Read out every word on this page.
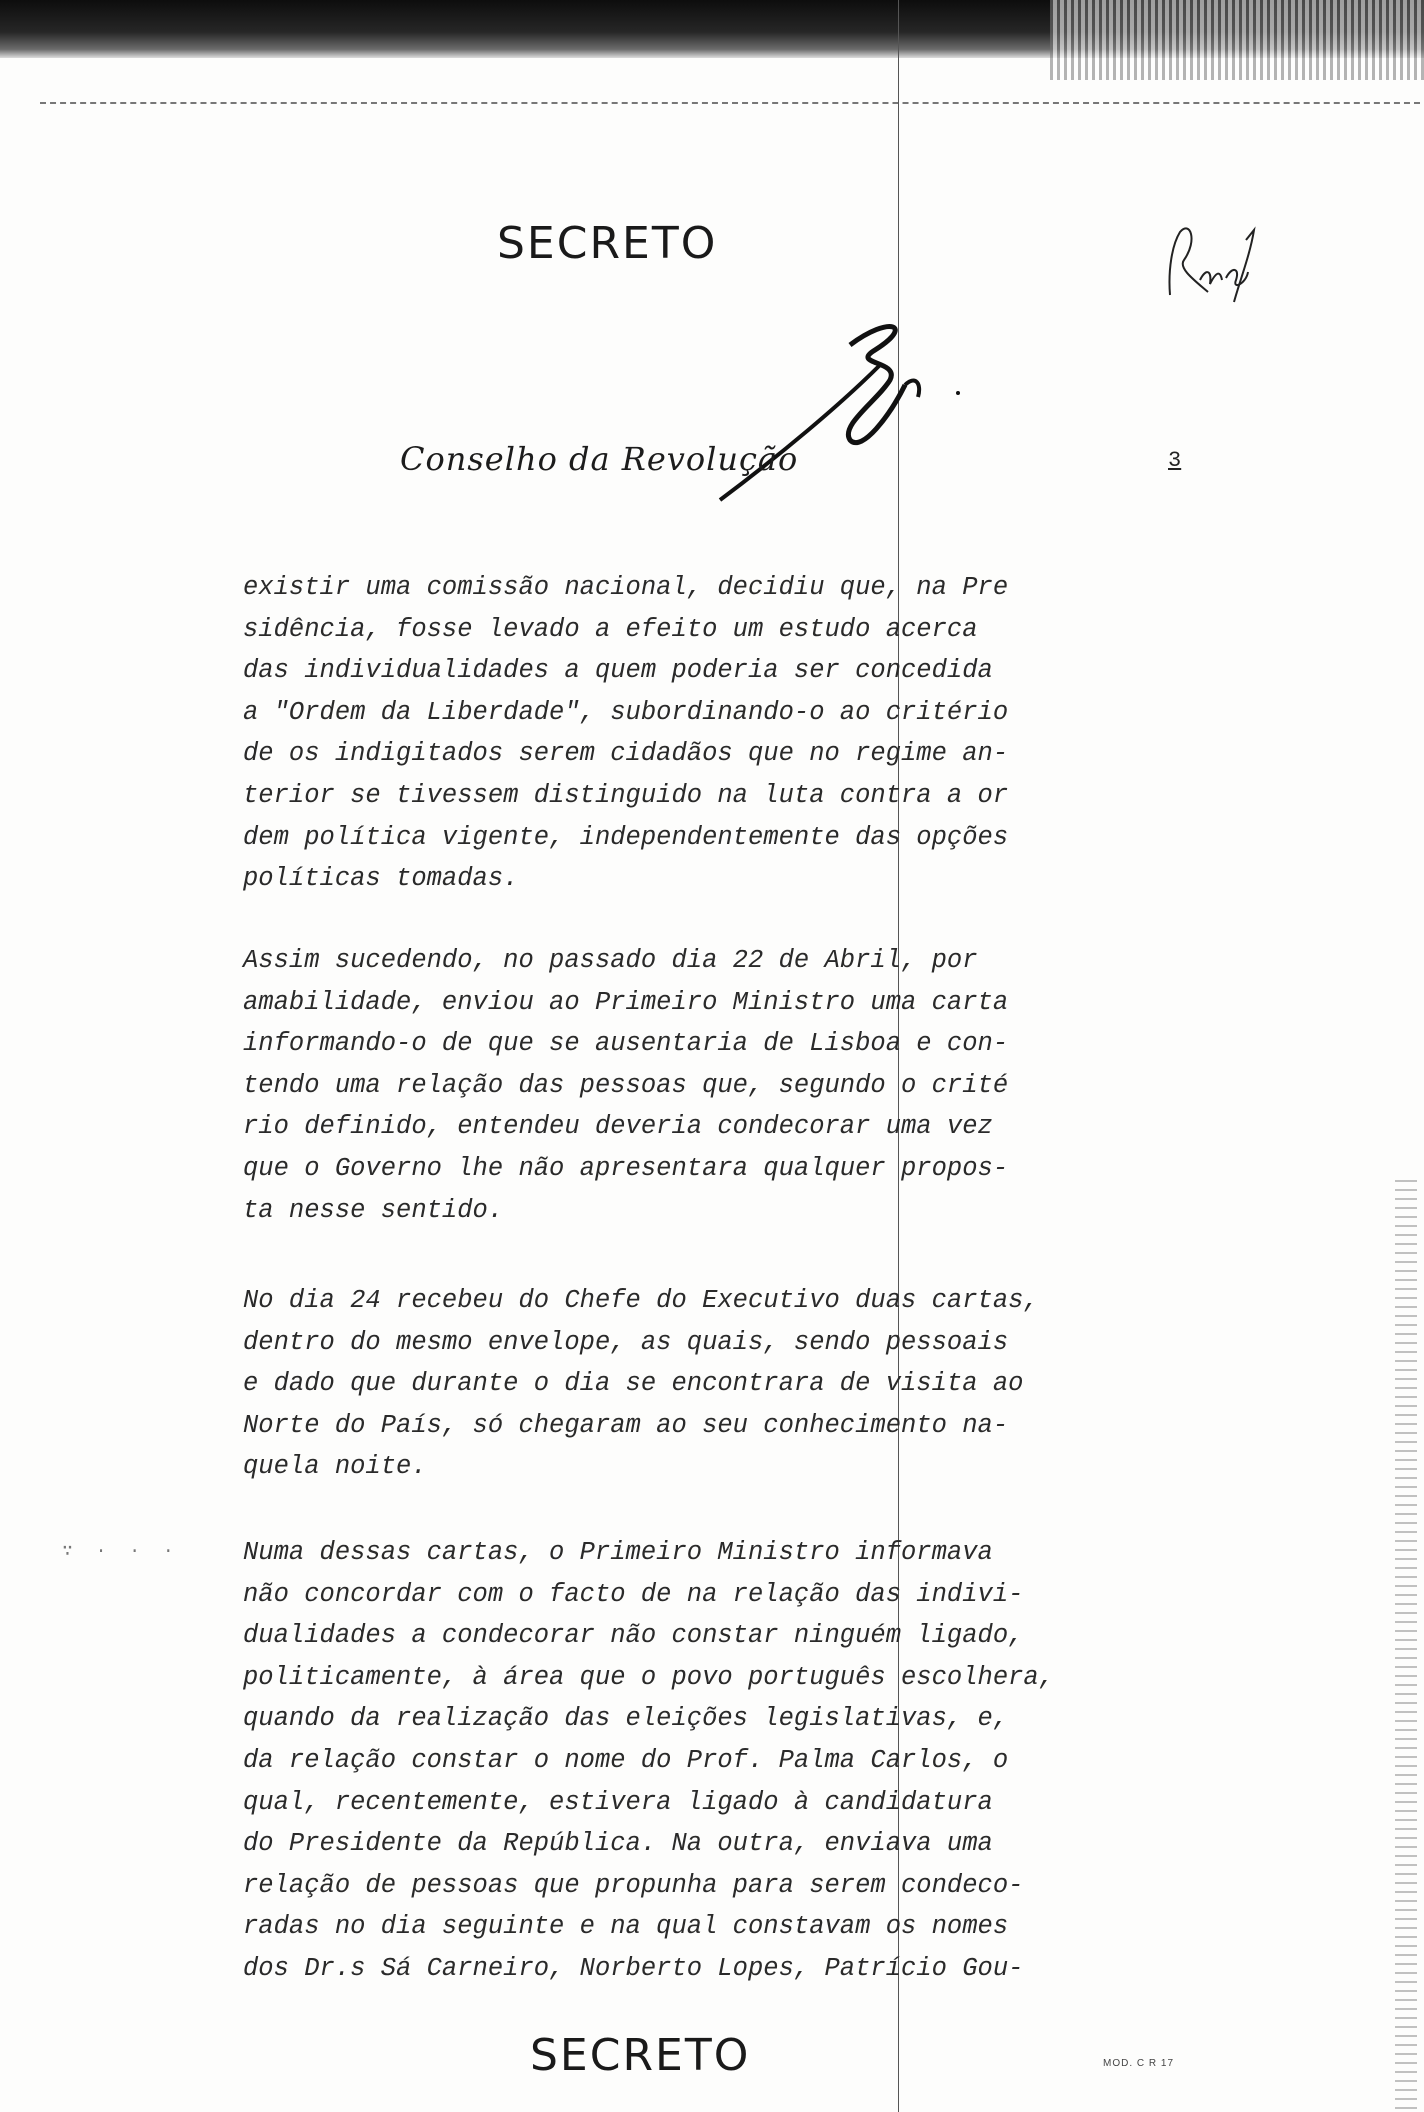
SECRETO
Reis
Ex.
Conselho da Revolução	3

existir uma comissão nacional, decidiu que, na Pre
sidência, fosse levado a efeito um estudo acerca
das individualidades a quem poderia ser concedida
a "Ordem da Liberdade", subordinando-o ao critério
de os indigitados serem cidadãos que no regime an-
terior se tivessem distinguido na luta contra a or
dem política vigente, independentemente das opções
políticas tomadas.

Assim sucedendo, no passado dia 22 de Abril, por
amabilidade, enviou ao Primeiro Ministro uma carta
informando-o de que se ausentaria de Lisboa e con-
tendo uma relação das pessoas que, segundo o crité
rio definido, entendeu deveria condecorar uma vez
que o Governo lhe não apresentara qualquer propos-
ta nesse sentido.

No dia 24 recebeu do Chefe do Executivo duas cartas,
dentro do mesmo envelope, as quais, sendo pessoais
e dado que durante o dia se encontrara de visita ao
Norte do País, só chegaram ao seu conhecimento na-
quela noite.

Numa dessas cartas, o Primeiro Ministro informava
não concordar com o facto de na relação das indivi-
dualidades a condecorar não constar ninguém ligado,
politicamente, à área que o povo português escolhera,
quando da realização das eleições legislativas, e,
da relação constar o nome do Prof. Palma Carlos, o
qual, recentemente, estivera ligado à candidatura
do Presidente da República. Na outra, enviava uma
relação de pessoas que propunha para serem condeco-
radas no dia seguinte e na qual constavam os nomes
dos Dr.s Sá Carneiro, Norberto Lopes, Patrício Gou-

∵ · · ·
SECRETO	MOD. C R 17
